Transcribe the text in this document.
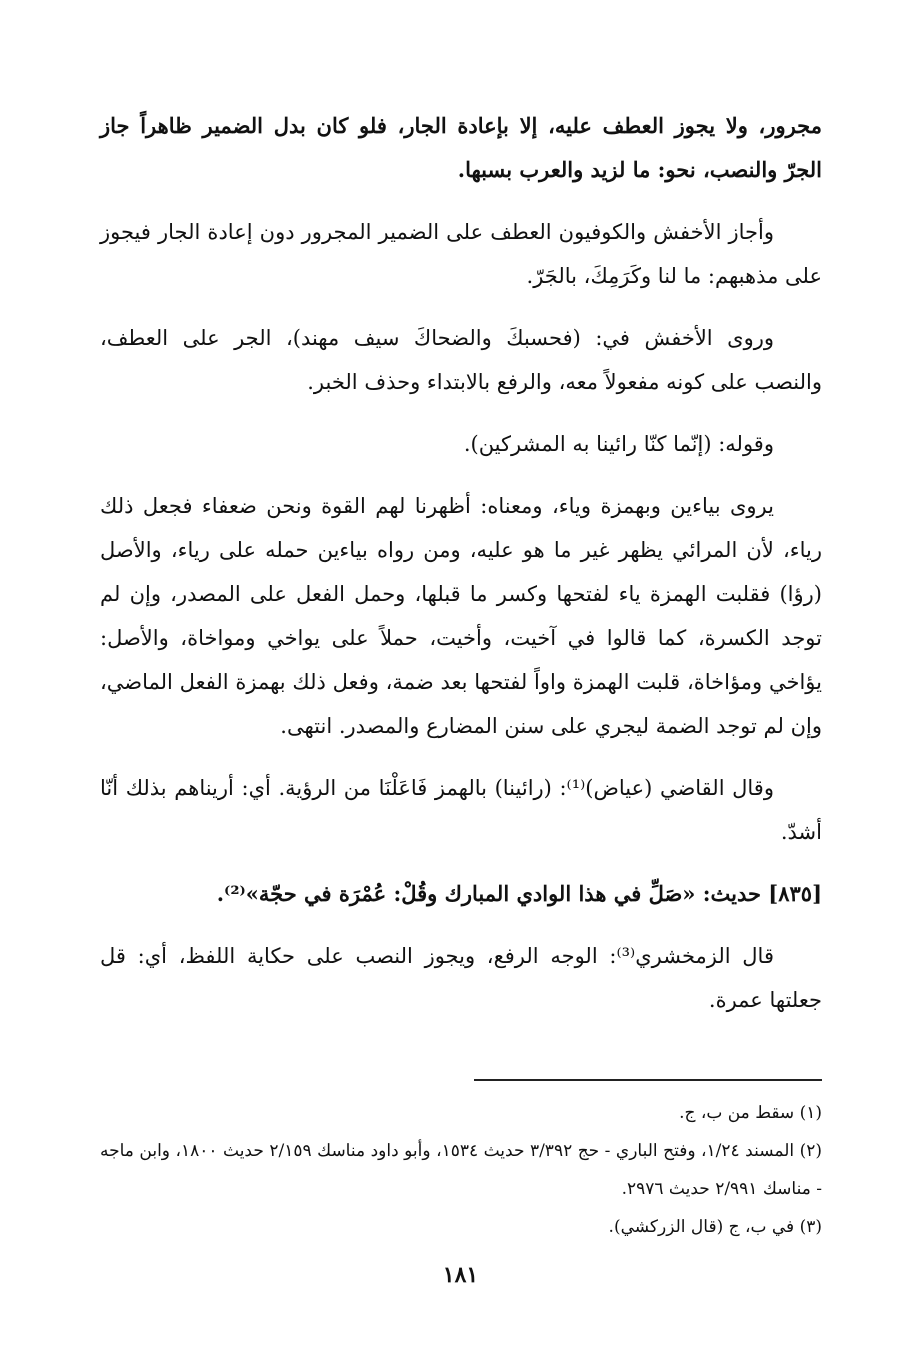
مجرور، ولا يجوز العطف عليه، إلا بإعادة الجار، فلو كان بدل الضمير ظاهراً جاز الجرّ والنصب، نحو: ما لزيد والعرب بسبها.

وأجاز الأخفش والكوفيون العطف على الضمير المجرور دون إعادة الجار فيجوز على مذهبهم: ما لنا وكَرَمِكَ، بالجَرّ.

وروى الأخفش في: (فحسبكَ والضحاكَ سيف مهند)، الجر على العطف، والنصب على كونه مفعولاً معه، والرفع بالابتداء وحذف الخبر.

وقوله: (إنّما كنّا رائينا به المشركين).

يروى بياءين وبهمزة وياء، ومعناه: أظهرنا لهم القوة ونحن ضعفاء فجعل ذلك رياء، لأن المرائي يظهر غير ما هو عليه، ومن رواه بياءين حمله على رياء، والأصل (رؤا) فقلبت الهمزة ياء لفتحها وكسر ما قبلها، وحمل الفعل على المصدر، وإن لم توجد الكسرة، كما قالوا في آخيت، وأخيت، حملاً على يواخي ومواخاة، والأصل: يؤاخي ومؤاخاة، قلبت الهمزة واواً لفتحها بعد ضمة، وفعل ذلك بهمزة الفعل الماضي، وإن لم توجد الضمة ليجري على سنن المضارع والمصدر. انتهى.

وقال القاضي (عياض)⁽¹⁾: (رائينا) بالهمز فَاعَلْنَا من الرؤية. أي: أريناهم بذلك أنّا أشدّ.

[٨٣٥] حديث: «صَلِّ في هذا الوادي المبارك وقُلْ: عُمْرَة في حجّة»⁽²⁾.

قال الزمخشري⁽³⁾: الوجه الرفع، ويجوز النصب على حكاية اللفظ، أي: قل جعلتها عمرة.

(١) سقط من ب، ج.

(٢) المسند ١/٢٤، وفتح الباري - حج ٣/٣٩٢ حديث ١٥٣٤، وأبو داود مناسك ٢/١٥٩ حديث ١٨٠٠، وابن ماجه - مناسك ٢/٩٩١ حديث ٢٩٧٦.

(٣) في ب، ج (قال الزركشي).

١٨١
